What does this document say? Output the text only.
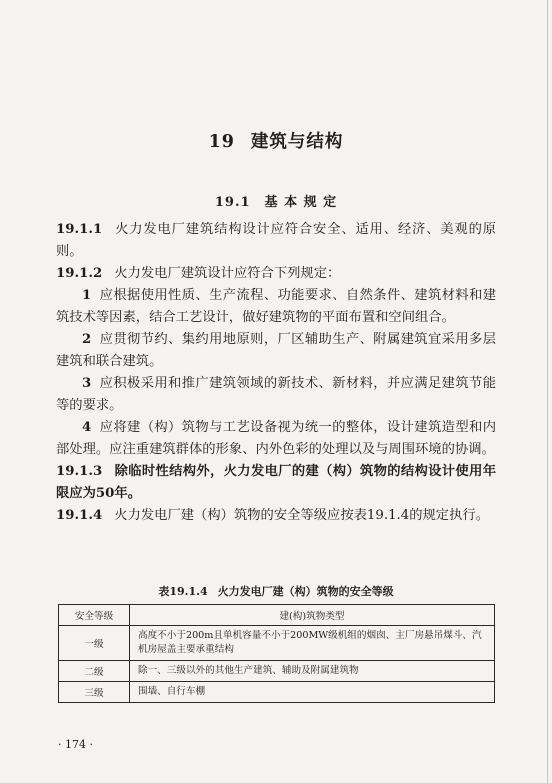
19 建筑与结构
19.1 基 本 规 定

19.1.1 火力发电厂建筑结构设计应符合安全、适用、经济、美观的原则。

19.1.2 火力发电厂建筑设计应符合下列规定：

1 应根据使用性质、生产流程、功能要求、自然条件、建筑材料和建筑技术等因素，结合工艺设计，做好建筑物的平面布置和空间组合。

2 应贯彻节约、集约用地原则，厂区辅助生产、附属建筑宜采用多层建筑和联合建筑。

3 应积极采用和推广建筑领域的新技术、新材料，并应满足建筑节能等的要求。

4 应将建（构）筑物与工艺设备视为统一的整体，设计建筑造型和内部处理。应注重建筑群体的形象、内外色彩的处理以及与周围环境的协调。

19.1.3 除临时性结构外，火力发电厂的建（构）筑物的结构设计使用年限应为50年。

19.1.4 火力发电厂建（构）筑物的安全等级应按表19.1.4的规定执行。

表19.1.4 火力发电厂建（构）筑物的安全等级
安全等级	建(构)筑物类型
一级	高度不小于200m且单机容量不小于200MW级机组的烟囱、主厂房悬吊煤斗、汽机房屋盖主要承重结构
二级	除一、三级以外的其他生产建筑、辅助及附属建筑物
三级	围墙、自行车棚
· 174 ·
